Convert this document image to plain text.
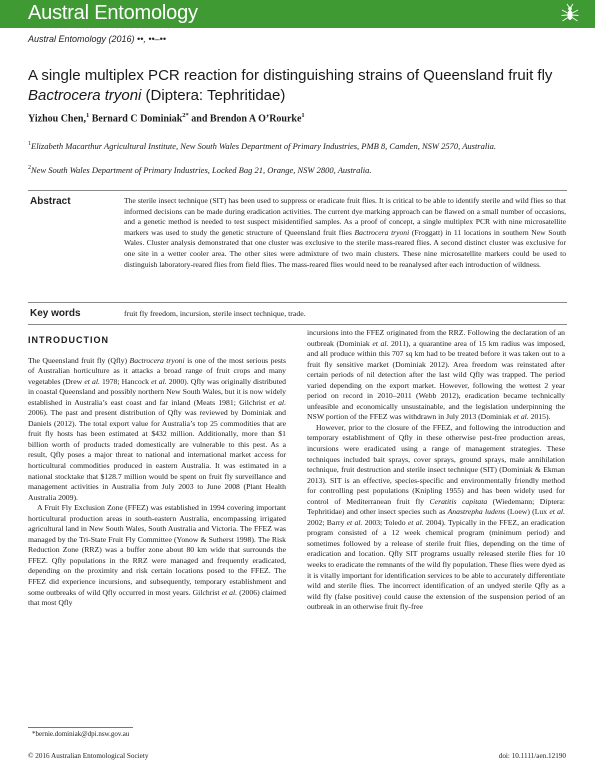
Austral Entomology
Austral Entomology (2016) ••, ••–••
A single multiplex PCR reaction for distinguishing strains of Queensland fruit fly Bactrocera tryoni (Diptera: Tephritidae)
Yizhou Chen,$^1$ Bernard C Dominiak$^{2*}$ and Brendon A O’Rourke$^1$
$^1$Elizabeth Macarthur Agricultural Institute, New South Wales Department of Primary Industries, PMB 8, Camden, NSW 2570, Australia.
$^2$New South Wales Department of Primary Industries, Locked Bag 21, Orange, NSW 2800, Australia.
Abstract	The sterile insect technique (SIT) has been used to suppress or eradicate fruit flies. It is critical to be able to identify sterile and wild flies so that informed decisions can be made during eradication activities. The current dye marking approach can be flawed on a small number of occasions, and a genetic method is needed to test suspect misidentified samples. As a proof of concept, a single multiplex PCR with nine microsatellite markers was used to study the genetic structure of Queensland fruit flies Bactrocera tryoni (Froggatt) in 11 locations in southern New South Wales. Cluster analysis demonstrated that one cluster was exclusive to the sterile mass-reared flies. A second distinct cluster was exclusive for one site in a wetter cooler area. The other sites were admixture of two main clusters. These nine microsatellite markers could be used to distinguish laboratory-reared flies from field flies. The mass-reared flies would need to be reanalysed after each introduction of wildness.
Key words	fruit fly freedom, incursion, sterile insect technique, trade.
INTRODUCTION

The Queensland fruit fly (Qfly) Bactrocera tryoni is one of the most serious pests of Australian horticulture as it attacks a broad range of fruit crops and many vegetables (Drew et al. 1978; Hancock et al. 2000). Qfly was originally distributed in coastal Queensland and possibly northern New South Wales, but it is now widely established in Australia’s east coast and far inland (Meats 1981; Gilchrist et al. 2006). The past and present distribution of Qfly was reviewed by Dominiak and Daniels (2012). The total export value for Australia’s top 25 commodities that are fruit fly hosts has been estimated at $432 million. Additionally, more than $1 billion worth of products traded domestically are vulnerable to this pest. As a result, Qfly poses a major threat to national and international market access for horticultural commodities produced in eastern Australia. It was estimated in a national stocktake that $128.7 million would be spent on fruit fly surveillance and management activities in Australia from July 2003 to June 2008 (Plant Health Australia 2009).

A Fruit Fly Exclusion Zone (FFEZ) was established in 1994 covering important horticultural production areas in south-eastern Australia, encompassing irrigated agricultural land in New South Wales, South Australia and Victoria. The FFEZ was managed by the Tri-State Fruit Fly Committee (Yonow & Sutherst 1998). The Risk Reduction Zone (RRZ) was a buffer zone about 80 km wide that surrounds the FFEZ. Qfly populations in the RRZ were managed and frequently eradicated, depending on the proximity and risk certain locations posed to the FFEZ. The FFEZ did experience incursions, and subsequently, temporary establishment and some outbreaks of wild Qfly occurred in most years. Gilchrist et al. (2006) claimed that most Qfly

incursions into the FFEZ originated from the RRZ. Following the declaration of an outbreak (Dominiak et al. 2011), a quarantine area of 15 km radius was imposed, and all produce within this 707 sq km had to be treated before it was taken out to a fruit fly sensitive market (Dominiak 2012). Area freedom was reinstated after certain periods of nil detection after the last wild Qfly was trapped. The period varied depending on the export market. However, following the wettest 2 year period on record in 2010–2011 (Webb 2012), eradication became technically unfeasible and economically unsustainable, and the legislation underpinning the NSW portion of the FFEZ was withdrawn in July 2013 (Dominiak et al. 2015).

However, prior to the closure of the FFEZ, and following the introduction and temporary establishment of Qfly in these otherwise pest-free production areas, incursions were eradicated using a range of management strategies. These techniques included bait sprays, cover sprays, ground sprays, male annihilation technique, fruit destruction and sterile insect technique (SIT) (Dominiak & Ekman 2013). SIT is an effective, species-specific and environmentally friendly method for controlling pest populations (Knipling 1955) and has been widely used for control of Mediterranean fruit fly Ceratitis capitata (Wiedemann; Diptera: Tephritidae) and other insect species such as Anastrepha ludens (Loew) (Lux et al. 2002; Barry et al. 2003; Toledo et al. 2004). Typically in the FFEZ, an eradication program consisted of a 12 week chemical program (minimum period) and sometimes followed by a release of sterile fruit flies, depending on the time of eradication and location. Qfly SIT programs usually released sterile flies for 10 weeks to eradicate the remnants of the wild fly population. These flies were dyed as it is vitally important for identification services to be able to accurately differentiate wild and sterile flies. The incorrect identification of an undyed sterile Qfly as a wild fly (false positive) could cause the extension of the suspension period of an outbreak in an otherwise fruit fly-free

*bernie.dominiak@dpi.nsw.gov.au
© 2016 Australian Entomological Society	doi: 10.1111/aen.12190
